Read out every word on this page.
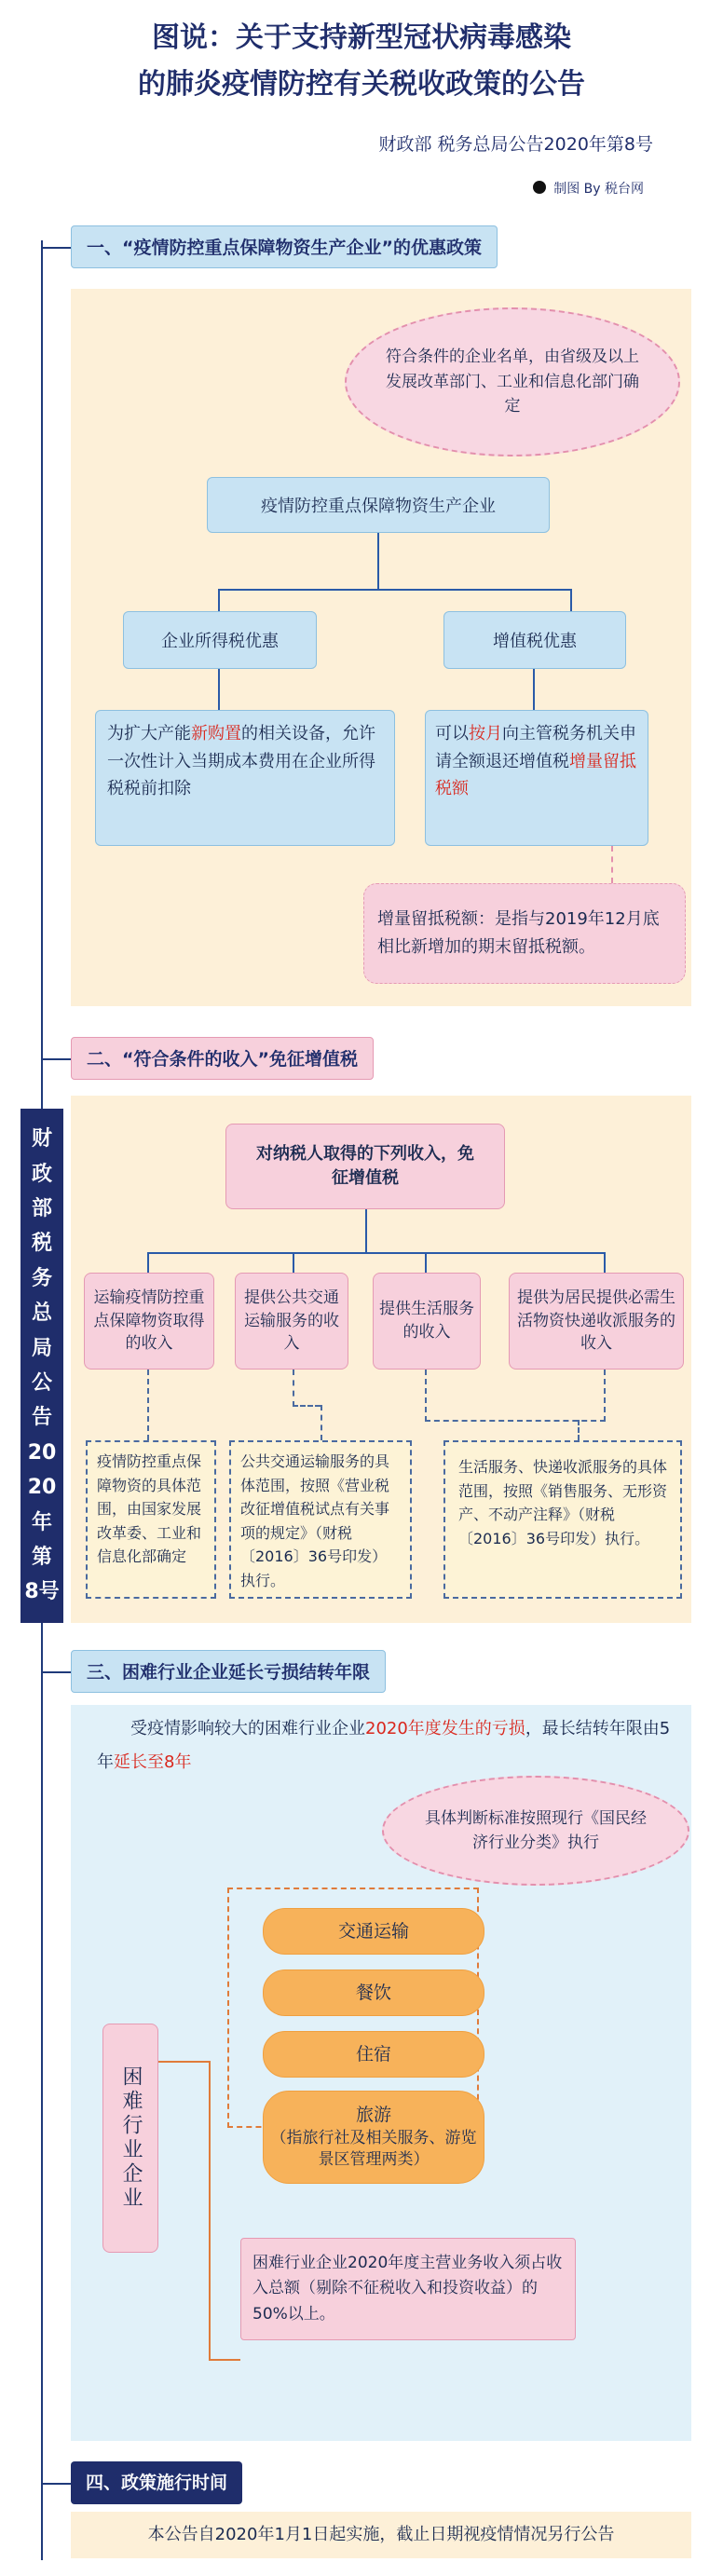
图说：关于支持新型冠状病毒感染
的肺炎疫情防控有关税收政策的公告
财政部 税务总局公告2020年第8号
制图 By 税台网
财
政
部
税
务
总
局
公
告
20
20
年
第
8号
一、“疫情防控重点保障物资生产企业”的优惠政策
符合条件的企业名单，由省级及以上发展改革部门、工业和信息化部门确定
疫情防控重点保障物资生产企业
企业所得税优惠	增值税优惠
为扩大产能新购置的相关设备，允许一次性计入当期成本费用在企业所得税税前扣除
可以按月向主管税务机关申请全额退还增值税增量留抵税额
增量留抵税额：是指与2019年12月底相比新增加的期末留抵税额。
二、“符合条件的收入”免征增值税
对纳税人取得的下列收入，免征增值税
运输疫情防控重点保障物资取得的收入
提供公共交通运输服务的收入
提供生活服务的收入
提供为居民提供必需生活物资快递收派服务的收入
疫情防控重点保障物资的具体范围，由国家发展改革委、工业和信息化部确定
公共交通运输服务的具体范围，按照《营业税改征增值税试点有关事项的规定》（财税〔2016〕36号印发）执行。
生活服务、快递收派服务的具体范围，按照《销售服务、无形资产、不动产注释》（财税〔2016〕36号印发）执行。
三、困难行业企业延长亏损结转年限
受疫情影响较大的困难行业企业2020年度发生的亏损，最长结转年限由5年延长至8年
具体判断标准按照现行《国民经济行业分类》执行
困难行业企业
交通运输
餐饮
住宿
旅游
（指旅行社及相关服务、游览景区管理两类）
困难行业企业2020年度主营业务收入须占收入总额（剔除不征税收入和投资收益）的50%以上。
四、政策施行时间
本公告自2020年1月1日起实施，截止日期视疫情情况另行公告
